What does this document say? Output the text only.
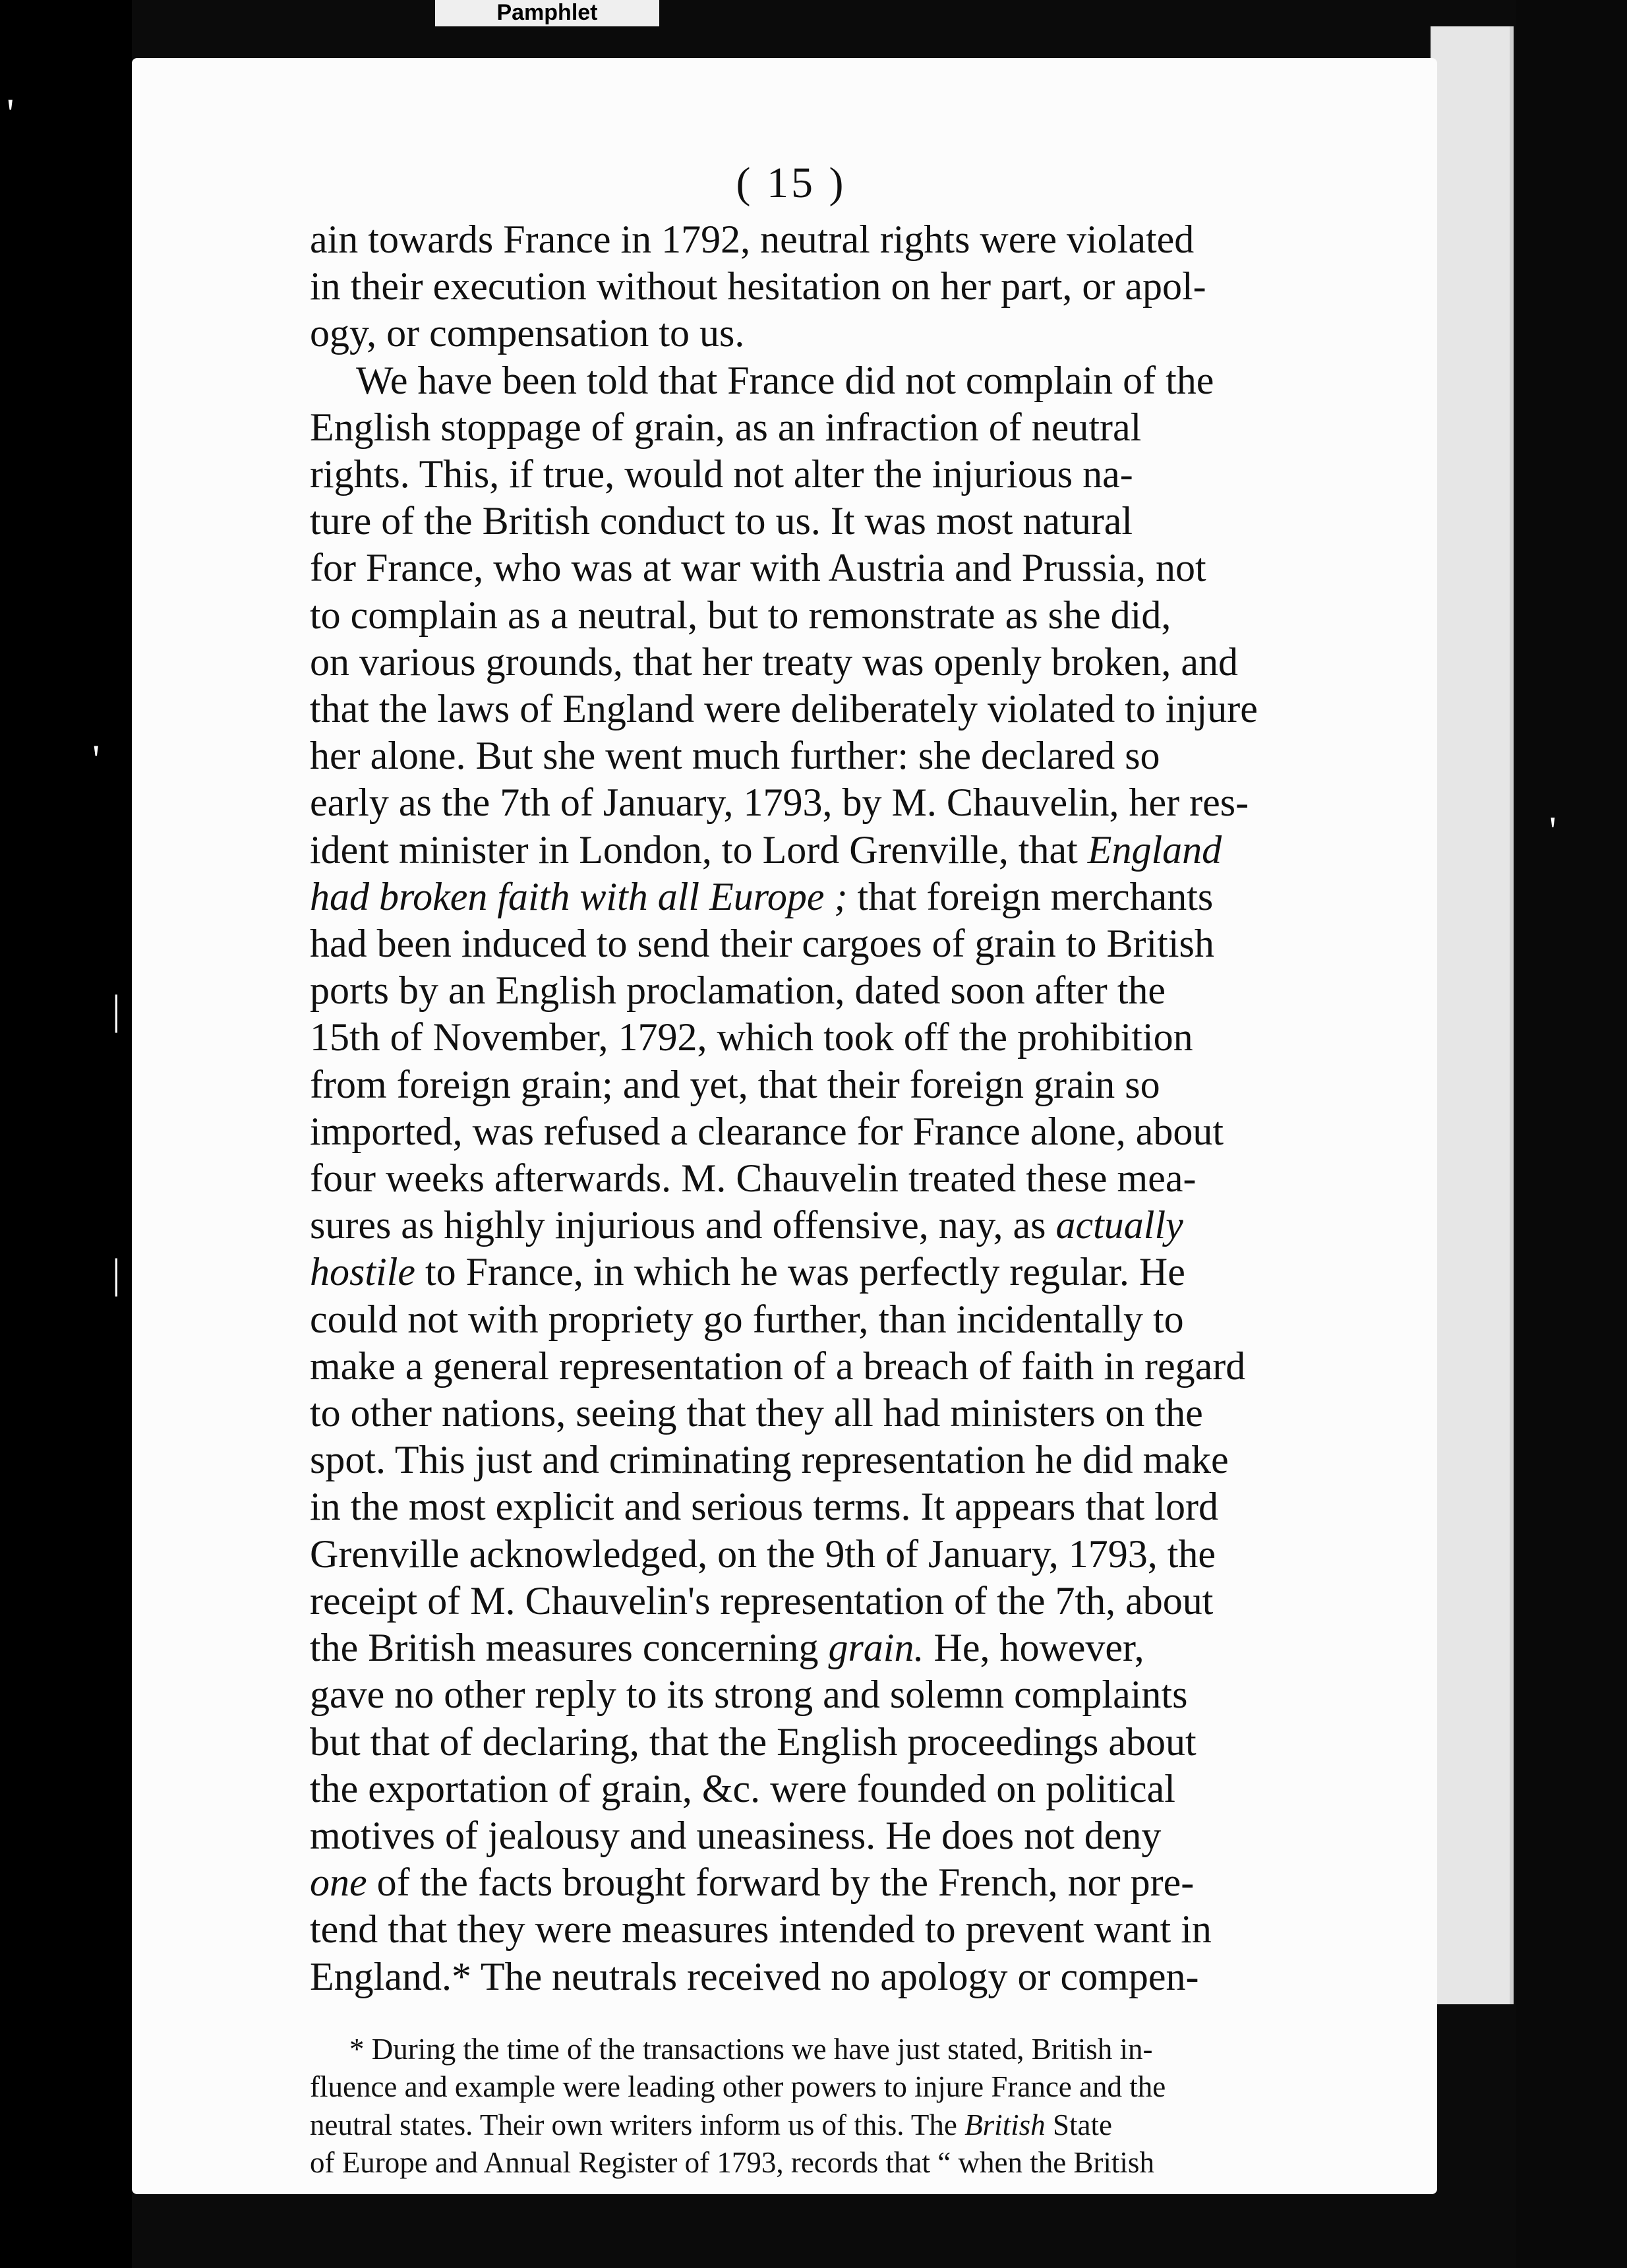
'
'
|
|
Pamphlet
'
( 15 )

ain towards France in 1792, neutral rights were violated
in their execution without hesitation on her part, or apol-
ogy, or compensation to us.
We have been told that France did not complain of the
English stoppage of grain, as an infraction of neutral
rights. This, if true, would not alter the injurious na-
ture of the British conduct to us. It was most natural
for France, who was at war with Austria and Prussia, not
to complain as a neutral, but to remonstrate as she did,
on various grounds, that her treaty was openly broken, and
that the laws of England were deliberately violated to injure
her alone. But she went much further: she declared so
early as the 7th of January, 1793, by M. Chauvelin, her res-
ident minister in London, to Lord Grenville, that England
had broken faith with all Europe ; that foreign merchants
had been induced to send their cargoes of grain to British
ports by an English proclamation, dated soon after the
15th of November, 1792, which took off the prohibition
from foreign grain; and yet, that their foreign grain so
imported, was refused a clearance for France alone, about
four weeks afterwards. M. Chauvelin treated these mea-
sures as highly injurious and offensive, nay, as actually
hostile to France, in which he was perfectly regular. He
could not with propriety go further, than incidentally to
make a general representation of a breach of faith in regard
to other nations, seeing that they all had ministers on the
spot. This just and criminating representation he did make
in the most explicit and serious terms. It appears that lord
Grenville acknowledged, on the 9th of January, 1793, the
receipt of M. Chauvelin's representation of the 7th, about
the British measures concerning grain. He, however,
gave no other reply to its strong and solemn complaints
but that of declaring, that the English proceedings about
the exportation of grain, &c. were founded on political
motives of jealousy and uneasiness. He does not deny
one of the facts brought forward by the French, nor pre-
tend that they were measures intended to prevent want in
England.* The neutrals received no apology or compen-

* During the time of the transactions we have just stated, British in-
fluence and example were leading other powers to injure France and the
neutral states. Their own writers inform us of this. The British State
of Europe and Annual Register of 1793, records that “ when the British
